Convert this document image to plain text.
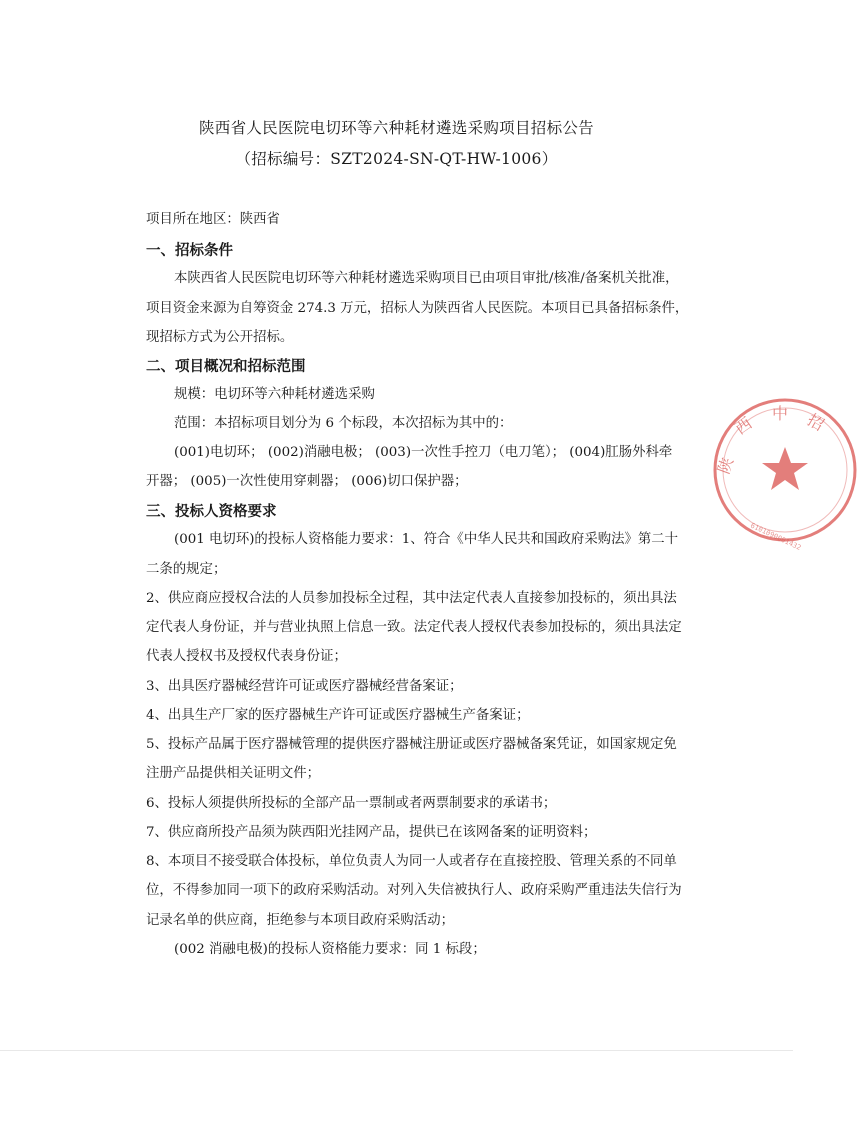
陕西省人民医院电切环等六种耗材遴选采购项目招标公告
（招标编号：SZT2024-SN-QT-HW-1006）
项目所在地区：陕西省
一、招标条件
本陕西省人民医院电切环等六种耗材遴选采购项目已由项目审批/核准/备案机关批准，
项目资金来源为自筹资金 274.3 万元，招标人为陕西省人民医院。本项目已具备招标条件，
现招标方式为公开招标。
二、项目概况和招标范围
规模：电切环等六种耗材遴选采购
范围：本招标项目划分为 6 个标段，本次招标为其中的：
(001)电切环； (002)消融电极； (003)一次性手控刀（电刀笔）； (004)肛肠外科牵
开器； (005)一次性使用穿刺器； (006)切口保护器；
三、投标人资格要求
(001 电切环)的投标人资格能力要求：1、符合《中华人民共和国政府采购法》第二十
二条的规定；
2、供应商应授权合法的人员参加投标全过程，其中法定代表人直接参加投标的，须出具法
定代表人身份证，并与营业执照上信息一致。法定代表人授权代表参加投标的，须出具法定
代表人授权书及授权代表身份证；
3、出具医疗器械经营许可证或医疗器械经营备案证；
4、出具生产厂家的医疗器械生产许可证或医疗器械生产备案证；
5、投标产品属于医疗器械管理的提供医疗器械注册证或医疗器械备案凭证，如国家规定免
注册产品提供相关证明文件；
6、投标人须提供所投标的全部产品一票制或者两票制要求的承诺书；
7、供应商所投产品须为陕西阳光挂网产品，提供已在该网备案的证明资料；
8、本项目不接受联合体投标，单位负责人为同一人或者存在直接控股、管理关系的不同单
位，不得参加同一项下的政府采购活动。对列入失信被执行人、政府采购严重违法失信行为
记录名单的供应商，拒绝参与本项目政府采购活动；
(002 消融电极)的投标人资格能力要求：同 1 标段；
陕
西
中 招
6101090001432
